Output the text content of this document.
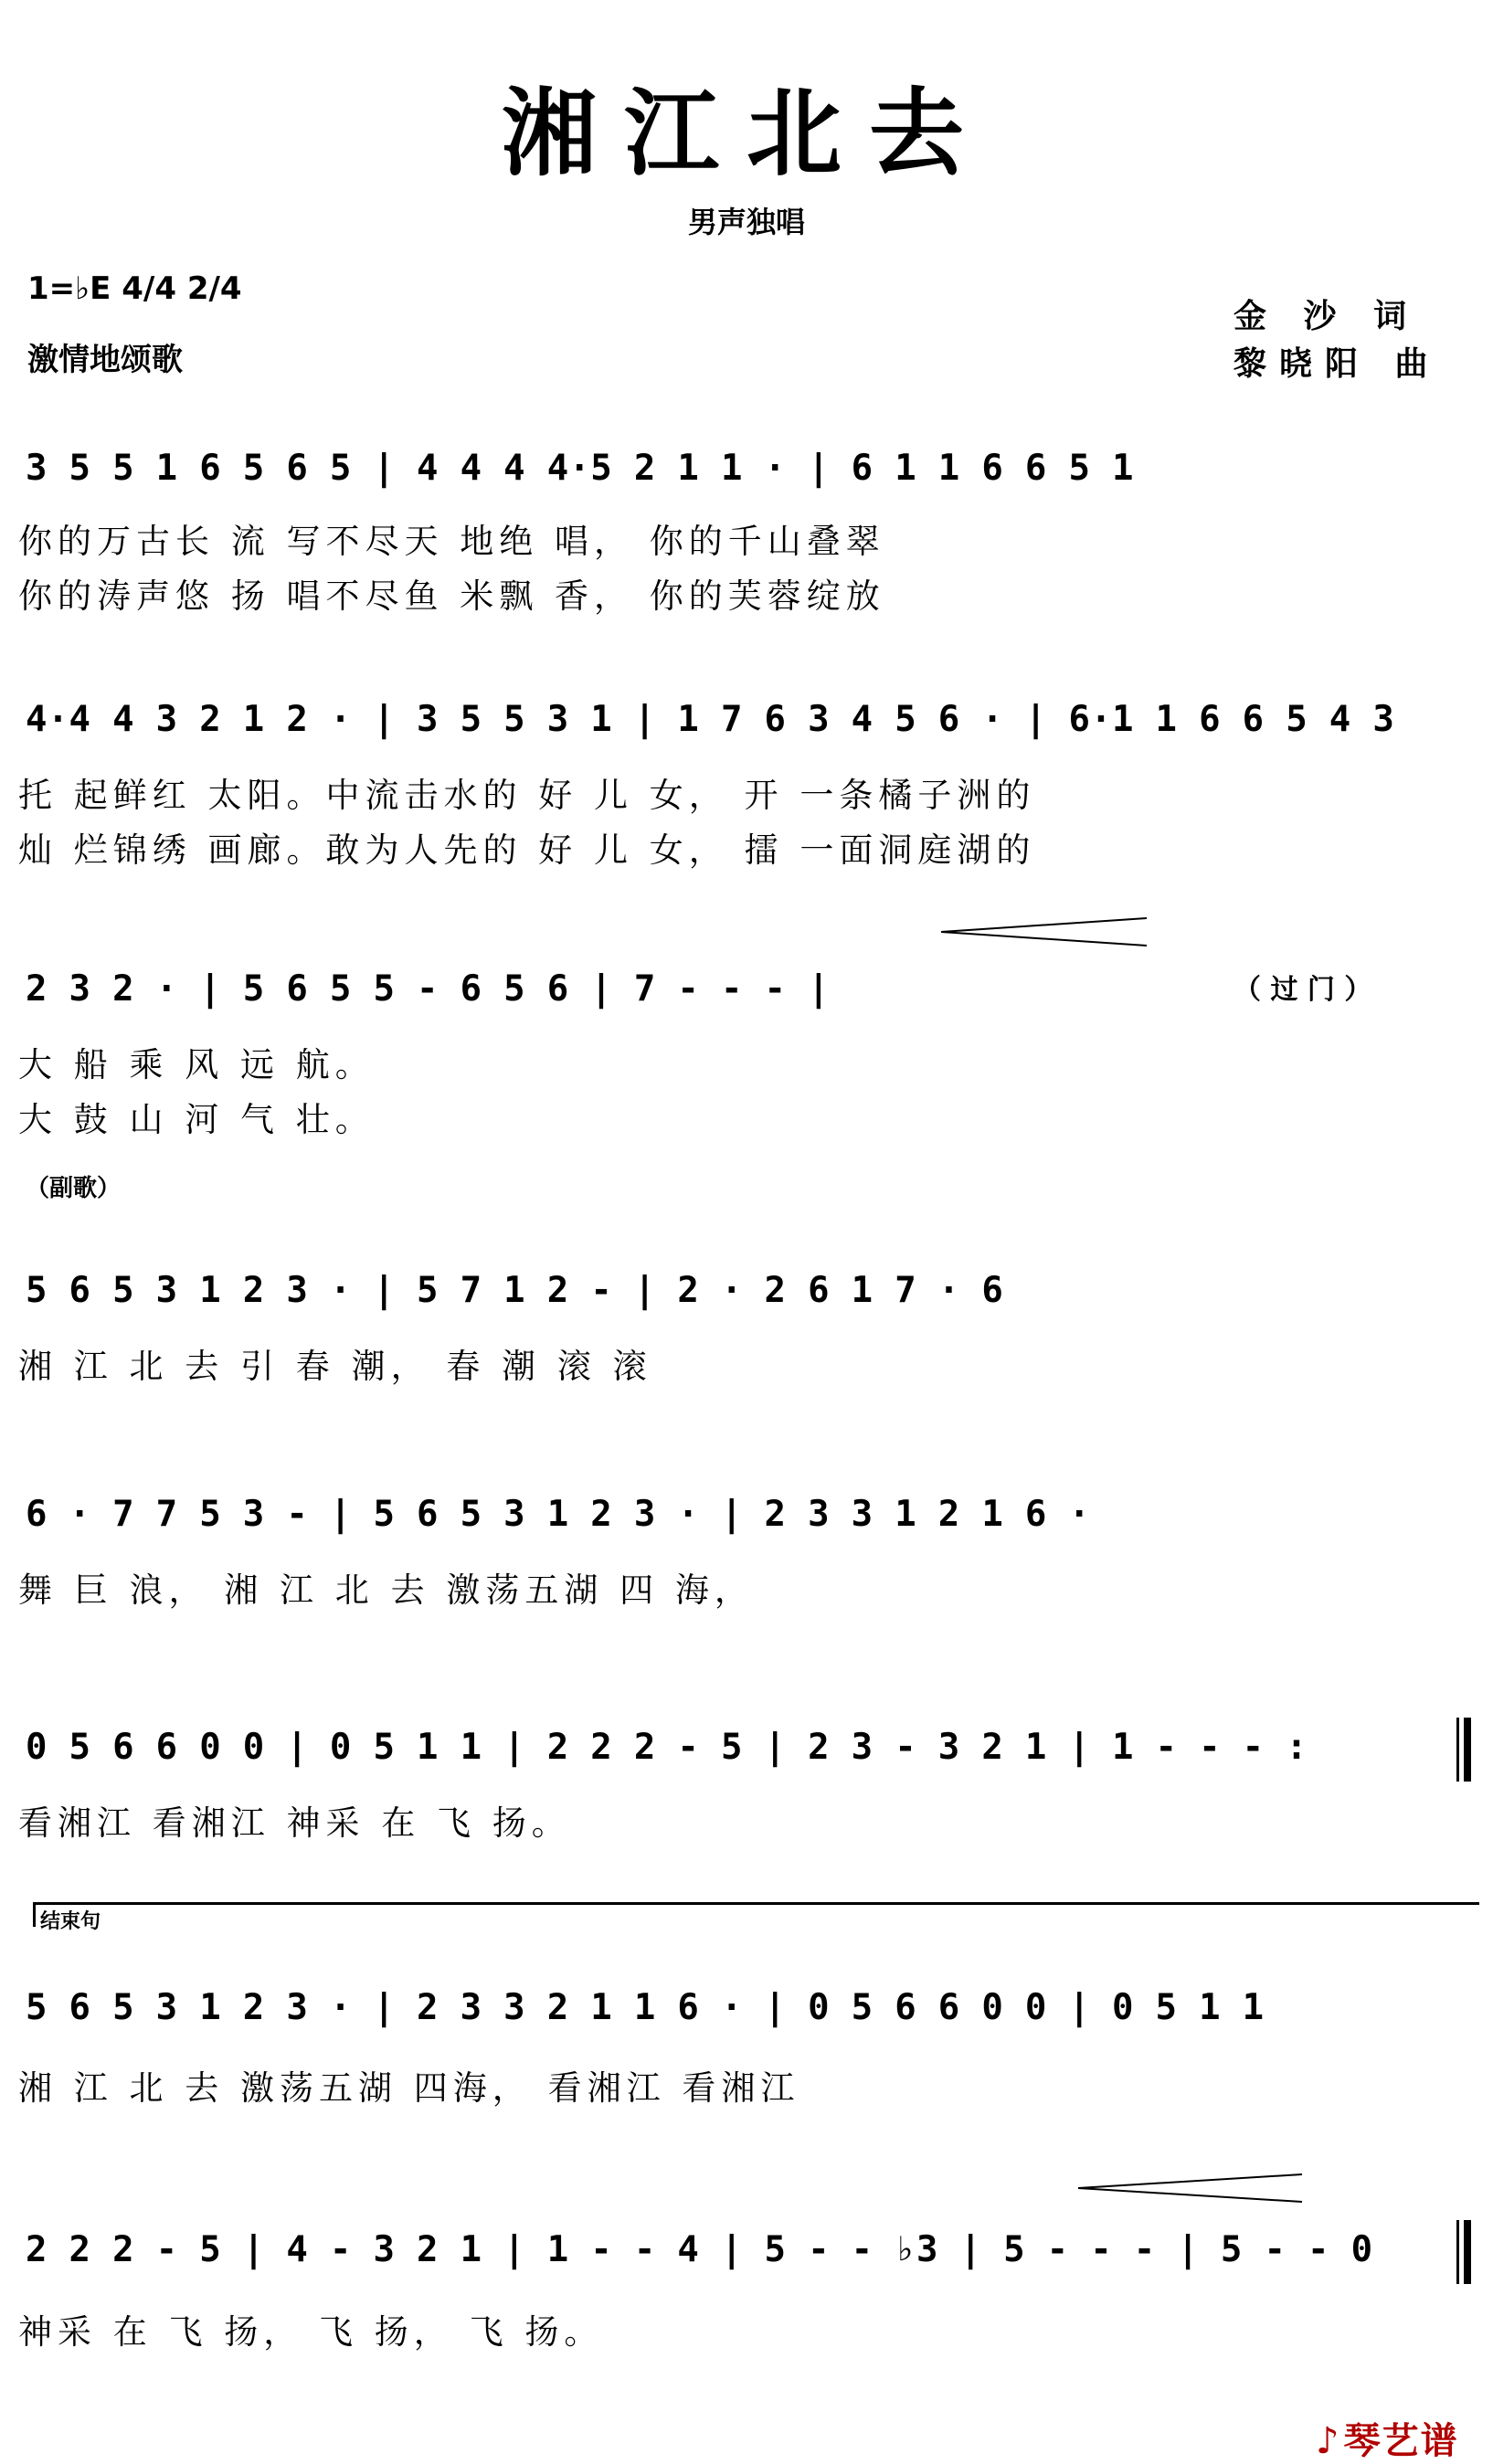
湘江北去
男声独唱
1=♭E 4/4 2/4
激情地颂歌
金 沙 词
黎晓阳 曲
3 5 5 1 6 5 6 5 | 4 4 4 4·5 2 1 1 · | 6 1 1 6 6 5 1
你的万古长 流 写不尽天 地绝 唱， 你的千山叠翠
你的涛声悠 扬 唱不尽鱼 米飘 香， 你的芙蓉绽放
4·4 4 3 2 1 2 · | 3 5 5 3 1 | 1 7 6 3 4 5 6 · | 6·1 1 6 6 5 4 3
托 起鲜红 太阳。中流击水的 好 儿 女， 开 一条橘子洲的
灿 烂锦绣 画廊。敢为人先的 好 儿 女， 擂 一面洞庭湖的
2 3 2 · | 5 6 5 5 - 6 5 6 | 7 - - - |	（ 过 门 ）
大 船 乘 风 远 航。
大 鼓 山 河 气 壮。
（副歌）
5 6 5 3 1 2 3 · | 5 7 1 2 - | 2 · 2 6 1 7 · 6
湘 江 北 去 引 春 潮， 春 潮 滚 滚
6 · 7 7 5 3 - | 5 6 5 3 1 2 3 · | 2 3 3 1 2 1 6 ·
舞 巨 浪， 湘 江 北 去 激荡五湖 四 海，
0 5 6 6 0 0 | 0 5 1 1 | 2 2 2 - 5 | 2 3 - 3 2 1 | 1 - - - :
看湘江 看湘江 神采 在 飞 扬。
结束句
5 6 5 3 1 2 3 · | 2 3 3 2 1 1 6 · | 0 5 6 6 0 0 | 0 5 1 1
湘 江 北 去 激荡五湖 四海， 看湘江 看湘江
2 2 2 - 5 | 4 - 3 2 1 | 1 - - 4 | 5 - - ♭3 | 5 - - - | 5 - - 0
神采 在 飞 扬， 飞 扬， 飞 扬。
♪ 琴艺谱
